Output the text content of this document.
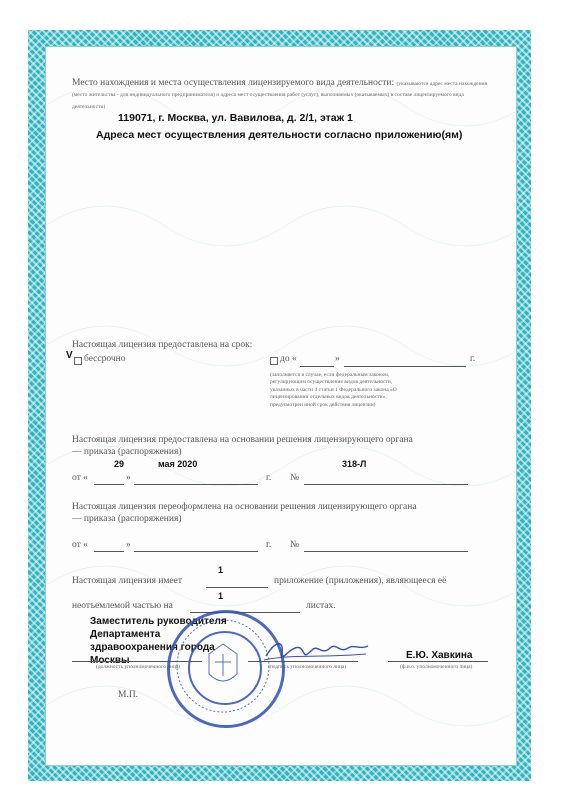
Место нахождения и места осуществления лицензируемого вида деятельности: (указываются адрес места нахождения (место жительства - для индивидуального предпринимателя) и адреса мест осуществления работ (услуг), выполняемых (оказываемых) в составе лицензируемого вида деятельности)
119071, г. Москва, ул. Вавилова, д. 2/1, этаж 1
Адреса мест осуществления деятельности согласно приложению(ям)
Настоящая лицензия предоставлена на срок:
V бессрочно	до «	»	г.
(заполняется в случае, если федеральным законом, регулирующим осуществление видов деятельности, указанных в части 4 статьи 1 Федерального закона «О лицензировании отдельных видов деятельности», предусмотрен иной срок действия лицензии)
Настоящая лицензия предоставлена на основании решения лицензирующего органа
— приказа (распоряжения)
29	мая 2020	318-Л
от «	»	г. №
Настоящая лицензия переоформлена на основании решения лицензирующего органа
— приказа (распоряжения)
от «	»	г. №
1
Настоящая лицензия имеет	приложение (приложения), являющееся её
1
неотъемлемой частью на	листах.
Заместитель руководителя
Департамента
здравоохранения города
Москвы	Е.Ю. Хавкина
(должность уполномоченного лица)	(подпись уполномоченного лица)	(ф.и.о. уполномоченного лица)
М.П.
